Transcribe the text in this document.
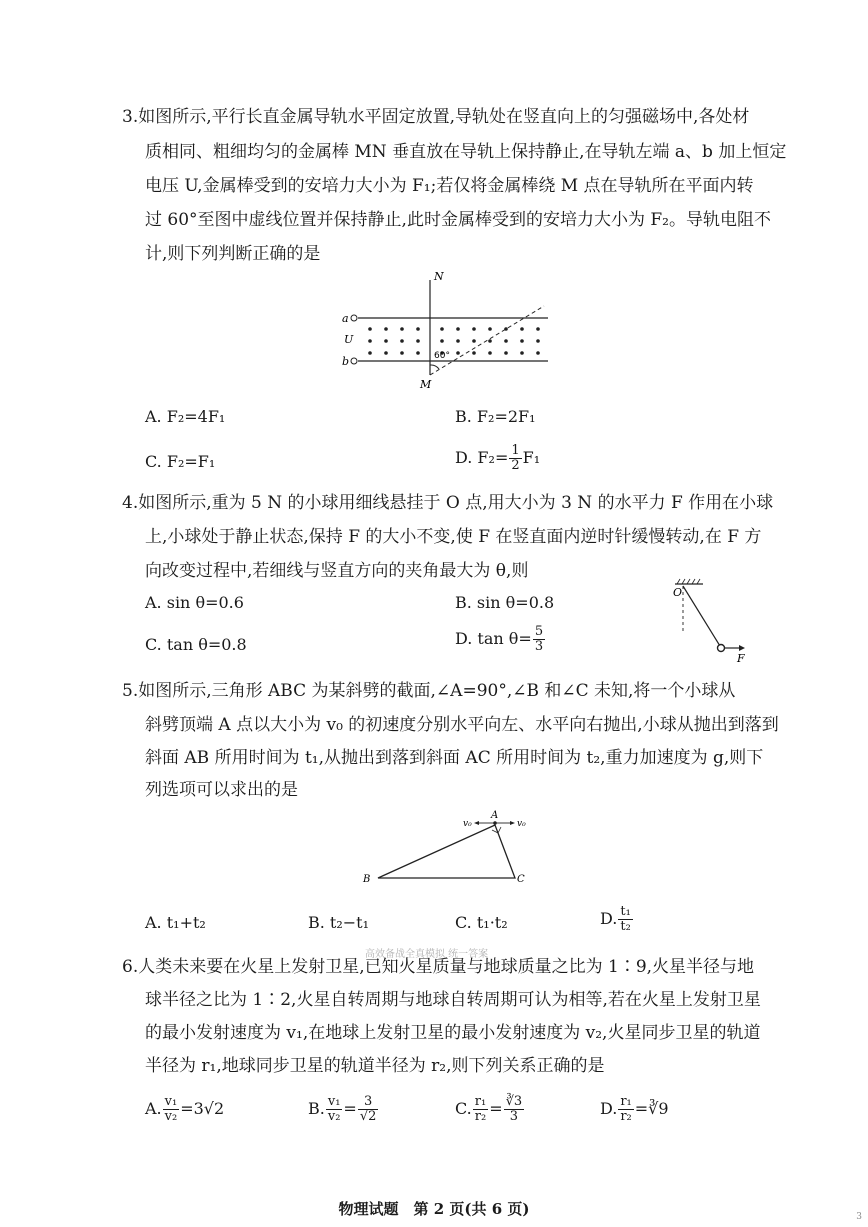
3.如图所示,平行长直金属导轨水平固定放置,导轨处在竖直向上的匀强磁场中,各处材
质相同、粗细均匀的金属棒 MN 垂直放在导轨上保持静止,在导轨左端 a、b 加上恒定
电压 U,金属棒受到的安培力大小为 F₁;若仅将金属棒绕 M 点在导轨所在平面内转
过 60°至图中虚线位置并保持静止,此时金属棒受到的安培力大小为 F₂。导轨电阻不
计,则下列判断正确的是
N
M
a
b
U
60°
A. F₂=4F₁	B. F₂=2F₁
C. F₂=F₁	D. $F_2= \frac{1}{2} F_1$
4.如图所示,重为 5 N 的小球用细线悬挂于 O 点,用大小为 3 N 的水平力 F 作用在小球
上,小球处于静止状态,保持 F 的大小不变,使 F 在竖直面内逆时针缓慢转动,在 F 方
向改变过程中,若细线与竖直方向的夹角最大为 θ,则
A. sin θ=0.6	B. sin θ=0.8
C. tan θ=0.8	D. $\tan \theta= \frac{5}{3}$
O
F
5.如图所示,三角形 ABC 为某斜劈的截面,∠A=90°,∠B 和∠C 未知,将一个小球从
斜劈顶端 A 点以大小为 v₀ 的初速度分别水平向左、水平向右抛出,小球从抛出到落到
斜面 AB 所用时间为 t₁,从抛出到落到斜面 AC 所用时间为 t₂,重力加速度为 g,则下
列选项可以求出的是
A
B	C
v₀	v₀
A. t₁+t₂	B. t₂−t₁	C. t₁·t₂	D. $\frac{\text{t₁}}{\text{t₂}}$
高效备战全真模拟 统一答案
6.人类未来要在火星上发射卫星,已知火星质量与地球质量之比为 1∶9,火星半径与地
球半径之比为 1∶2,火星自转周期与地球自转周期可认为相等,若在火星上发射卫星
的最小发射速度为 v₁,在地球上发射卫星的最小发射速度为 v₂,火星同步卫星的轨道
半径为 r₁,地球同步卫星的轨道半径为 r₂,则下列关系正确的是
A. $\frac{\text{v₁}}{\text{v₂}} =3√2$	B. $\frac{\text{v₁}}{\text{v₂}} = \frac{3}{√2}$	C. $\frac{\text{r₁}}{\text{r₂}} = \frac{∛3}{3}$	D. $\frac{\text{r₁}}{\text{r₂}}$ =∛9
物理试题　第 2 页(共 6 页)	3
